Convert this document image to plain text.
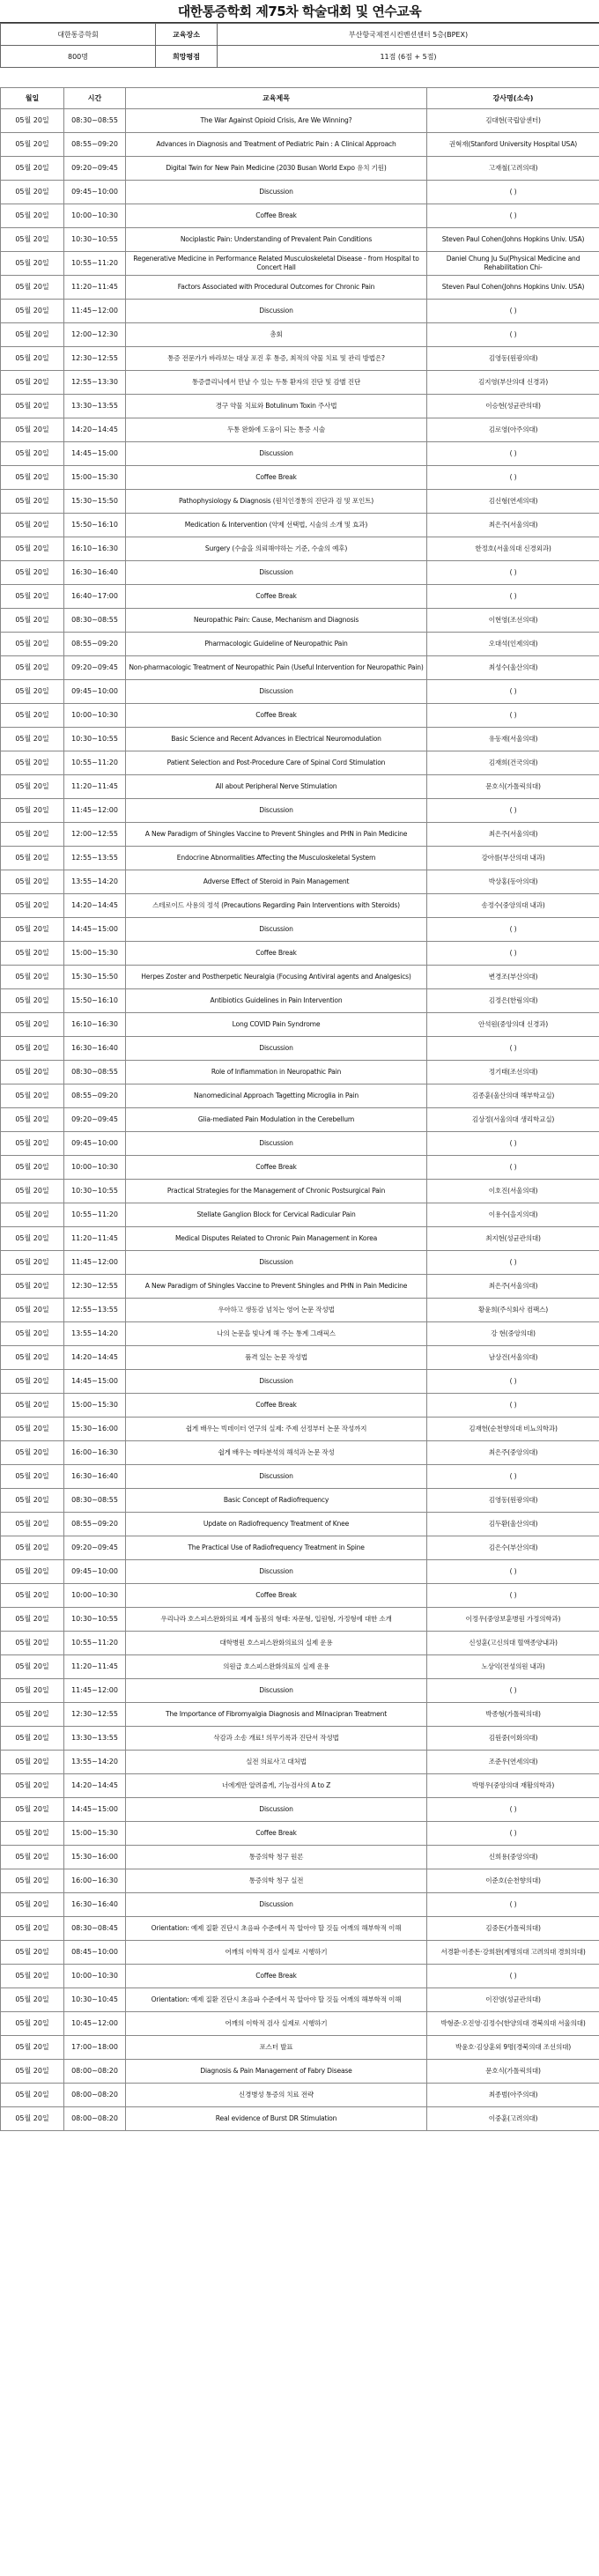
대한통증학회 제75차 학술대회 및 연수교육
대한통증학회	교육장소	부산항국제전시컨벤션센터 5층(BPEX)
800명	희망평점	11점 (6점 + 5점)
월일	시간	교육제목	강사명(소속)
05월 20일	08:30~08:55	The War Against Opioid Crisis, Are We Winning?	김대현(국립암센터)
05월 20일	08:55~09:20	Advances in Diagnosis and Treatment of Pediatric Pain : A Clinical Approach	권혁재(Stanford University Hospital USA)
05월 20일	09:20~09:45	Digital Twin for New Pain Medicine (2030 Busan World Expo 유치 기원)	고재철(고려의대)
05월 20일	09:45~10:00	Discussion	( )
05월 20일	10:00~10:30	Coffee Break	( )
05월 20일	10:30~10:55	Nociplastic Pain: Understanding of Prevalent Pain Conditions	Steven Paul Cohen(Johns Hopkins Univ. USA)
05월 20일	10:55~11:20	Regenerative Medicine in Performance Related Musculoskeletal Disease - from Hospital to Concert Hall	Daniel Chung Ju Su(Physical Medicine and Rehabilitation Chi-
05월 20일	11:20~11:45	Factors Associated with Procedural Outcomes for Chronic Pain	Steven Paul Cohen(Johns Hopkins Univ. USA)
05월 20일	11:45~12:00	Discussion	( )
05월 20일	12:00~12:30	총회	( )
05월 20일	12:30~12:55	통증 전문가가 바라보는 대상 포진 후 통증, 최적의 약물 치료 및 관리 방법은?	김영동(원광의대)
05월 20일	12:55~13:30	통증클리닉에서 만날 수 있는 두통 환자의 진단 및 감별 진단	김지영(부산의대 신경과)
05월 20일	13:30~13:55	경구 약물 치료와 Botulinum Toxin 주사법	이승현(성균관의대)
05월 20일	14:20~14:45	두통 완화에 도움이 되는 통증 시술	김로영(아주의대)
05월 20일	14:45~15:00	Discussion	( )
05월 20일	15:00~15:30	Coffee Break	( )
05월 20일	15:30~15:50	Pathophysiology & Diagnosis (원치인경통의 진단과 검 및 포인트)	김신형(연세의대)
05월 20일	15:50~16:10	Medication & Intervention (약제 선택법, 시술의 소개 및 효과)	최은주(서울의대)
05월 20일	16:10~16:30	Surgery (수술을 의뢰해야하는 기준, 수술의 예후)	한정호(서울의대 신경외과)
05월 20일	16:30~16:40	Discussion	( )
05월 20일	16:40~17:00	Coffee Break	( )
05월 20일	08:30~08:55	Neuropathic Pain: Cause, Mechanism and Diagnosis	이현영(조선의대)
05월 20일	08:55~09:20	Pharmacologic Guideline of Neuropathic Pain	오대석(인제의대)
05월 20일	09:20~09:45	Non-pharmacologic Treatment of Neuropathic Pain (Useful Intervention for Neuropathic Pain)	최성수(울산의대)
05월 20일	09:45~10:00	Discussion	( )
05월 20일	10:00~10:30	Coffee Break	( )
05월 20일	10:30~10:55	Basic Science and Recent Advances in Electrical Neuromodulation	유동재(서울의대)
05월 20일	10:55~11:20	Patient Selection and Post-Procedure Care of Spinal Cord Stimulation	김재희(건국의대)
05월 20일	11:20~11:45	All about Peripheral Nerve Stimulation	문호식(가톨릭의대)
05월 20일	11:45~12:00	Discussion	( )
05월 20일	12:00~12:55	A New Paradigm of Shingles Vaccine to Prevent Shingles and PHN in Pain Medicine	최은주(서울의대)
05월 20일	12:55~13:55	Endocrine Abnormalities Affecting the Musculoskeletal System	강아름(부산의대 내과)
05월 20일	13:55~14:20	Adverse Effect of Steroid in Pain Management	박상홍(동아의대)
05월 20일	14:20~14:45	스테로이드 사용의 정석 (Precautions Regarding Pain Interventions with Steroids)	송정수(중앙의대 내과)
05월 20일	14:45~15:00	Discussion	( )
05월 20일	15:00~15:30	Coffee Break	( )
05월 20일	15:30~15:50	Herpes Zoster and Postherpetic Neuralgia (Focusing Antiviral agents and Analgesics)	변경조(부산의대)
05월 20일	15:50~16:10	Antibiotics Guidelines in Pain Intervention	김정은(한림의대)
05월 20일	16:10~16:30	Long COVID Pain Syndrome	안석원(중앙의대 신경과)
05월 20일	16:30~16:40	Discussion	( )
05월 20일	08:30~08:55	Role of Inflammation in Neuropathic Pain	정기태(조선의대)
05월 20일	08:55~09:20	Nanomedicinal Approach Tagetting Microglia in Pain	김종훈(울산의대 해부학교실)
05월 20일	09:20~09:45	Glia-mediated Pain Modulation in the Cerebellum	김상정(서울의대 생리학교실)
05월 20일	09:45~10:00	Discussion	( )
05월 20일	10:00~10:30	Coffee Break	( )
05월 20일	10:30~10:55	Practical Strategies for the Management of Chronic Postsurgical Pain	이호진(서울의대)
05월 20일	10:55~11:20	Stellate Ganglion Block for Cervical Radicular Pain	이용수(을지의대)
05월 20일	11:20~11:45	Medical Disputes Related to Chronic Pain Management in Korea	최지현(성균관의대)
05월 20일	11:45~12:00	Discussion	( )
05월 20일	12:30~12:55	A New Paradigm of Shingles Vaccine to Prevent Shingles and PHN in Pain Medicine	최은주(서울의대)
05월 20일	12:55~13:55	우아하고 생동감 넘치는 영어 논문 작성법	황윤희(주식회사 컴팩스)
05월 20일	13:55~14:20	나의 논문을 빛나게 해 주는 통계 그래픽스	강 현(중앙의대)
05월 20일	14:20~14:45	품격 있는 논문 작성법	남상건(서울의대)
05월 20일	14:45~15:00	Discussion	( )
05월 20일	15:00~15:30	Coffee Break	( )
05월 20일	15:30~16:00	쉽게 배우는 빅데이터 연구의 실제: 주제 선정부터 논문 작성까지	김재헌(순천향의대 비뇨의학과)
05월 20일	16:00~16:30	쉽게 배우는 메타분석의 해석과 논문 작성	최은주(중앙의대)
05월 20일	16:30~16:40	Discussion	( )
05월 20일	08:30~08:55	Basic Concept of Radiofrequency	김영동(원광의대)
05월 20일	08:55~09:20	Update on Radiofrequency Treatment of Knee	김두환(울산의대)
05월 20일	09:20~09:45	The Practical Use of Radiofrequency Treatment in Spine	김은수(부산의대)
05월 20일	09:45~10:00	Discussion	( )
05월 20일	10:00~10:30	Coffee Break	( )
05월 20일	10:30~10:55	우리나라 호스피스완화의료 제계 돌봄의 형태: 자문형, 입원형, 가정형에 대한 소개	이정우(중앙보훈병원 가정의학과)
05월 20일	10:55~11:20	대학병원 호스피스완화의료의 실제 운용	신성훈(고신의대 혈액종양내과)
05월 20일	11:20~11:45	의원급 호스피스완화의료의 실제 운용	노상익(전성의원 내과)
05월 20일	11:45~12:00	Discussion	( )
05월 20일	12:30~12:55	The Importance of Fibromyalgia Diagnosis and Milnacipran Treatment	박종형(가톨릭의대)
05월 20일	13:30~13:55	삭감과 소송 개료! 의무기록과 진단서 작성법	김원중(이화의대)
05월 20일	13:55~14:20	실전 의료사고 대처법	조준우(연세의대)
05월 20일	14:20~14:45	너에게만 알려줄게, 기능검사의 A to Z	박명우(중앙의대 재활의학과)
05월 20일	14:45~15:00	Discussion	( )
05월 20일	15:00~15:30	Coffee Break	( )
05월 20일	15:30~16:00	통증의학 청구 원론	신희용(중앙의대)
05월 20일	16:00~16:30	통증의학 청구 실전	이준호(순천향의대)
05월 20일	16:30~16:40	Discussion	( )
05월 20일	08:30~08:45	Orientation: 예제 질환 진단시 초음파 수준에서 꼭 알아야 할 것들 어깨의 해부학적 이해	김중돈(가톨릭의대)
05월 20일	08:45~10:00	어깨의 이학적 검사 실제로 시행하기	서경환·이종돈·강희완(계명의대 고려의대 경희의대)
05월 20일	10:00~10:30	Coffee Break	( )
05월 20일	10:30~10:45	Orientation: 예제 질환 진단시 초음파 수준에서 꼭 알아야 할 것들 어깨의 해부학적 이해	이진영(성균관의대)
05월 20일	10:45~12:00	어깨의 이학적 검사 실제로 시행하기	박형준·오진영·김정수(한양의대 경북의대 서울의대)
05월 20일	17:00~18:00	포스터 발표	박윤호·김상훈외 9명(경북의대 조선의대)
05월 20일	08:00~08:20	Diagnosis & Pain Management of Fabry Disease	문호식(가톨릭의대)
05월 20일	08:00~08:20	신경병성 통증의 치료 전략	최종범(아주의대)
05월 20일	08:00~08:20	Real evidence of Burst DR Stimulation	이중훈(고려의대)
